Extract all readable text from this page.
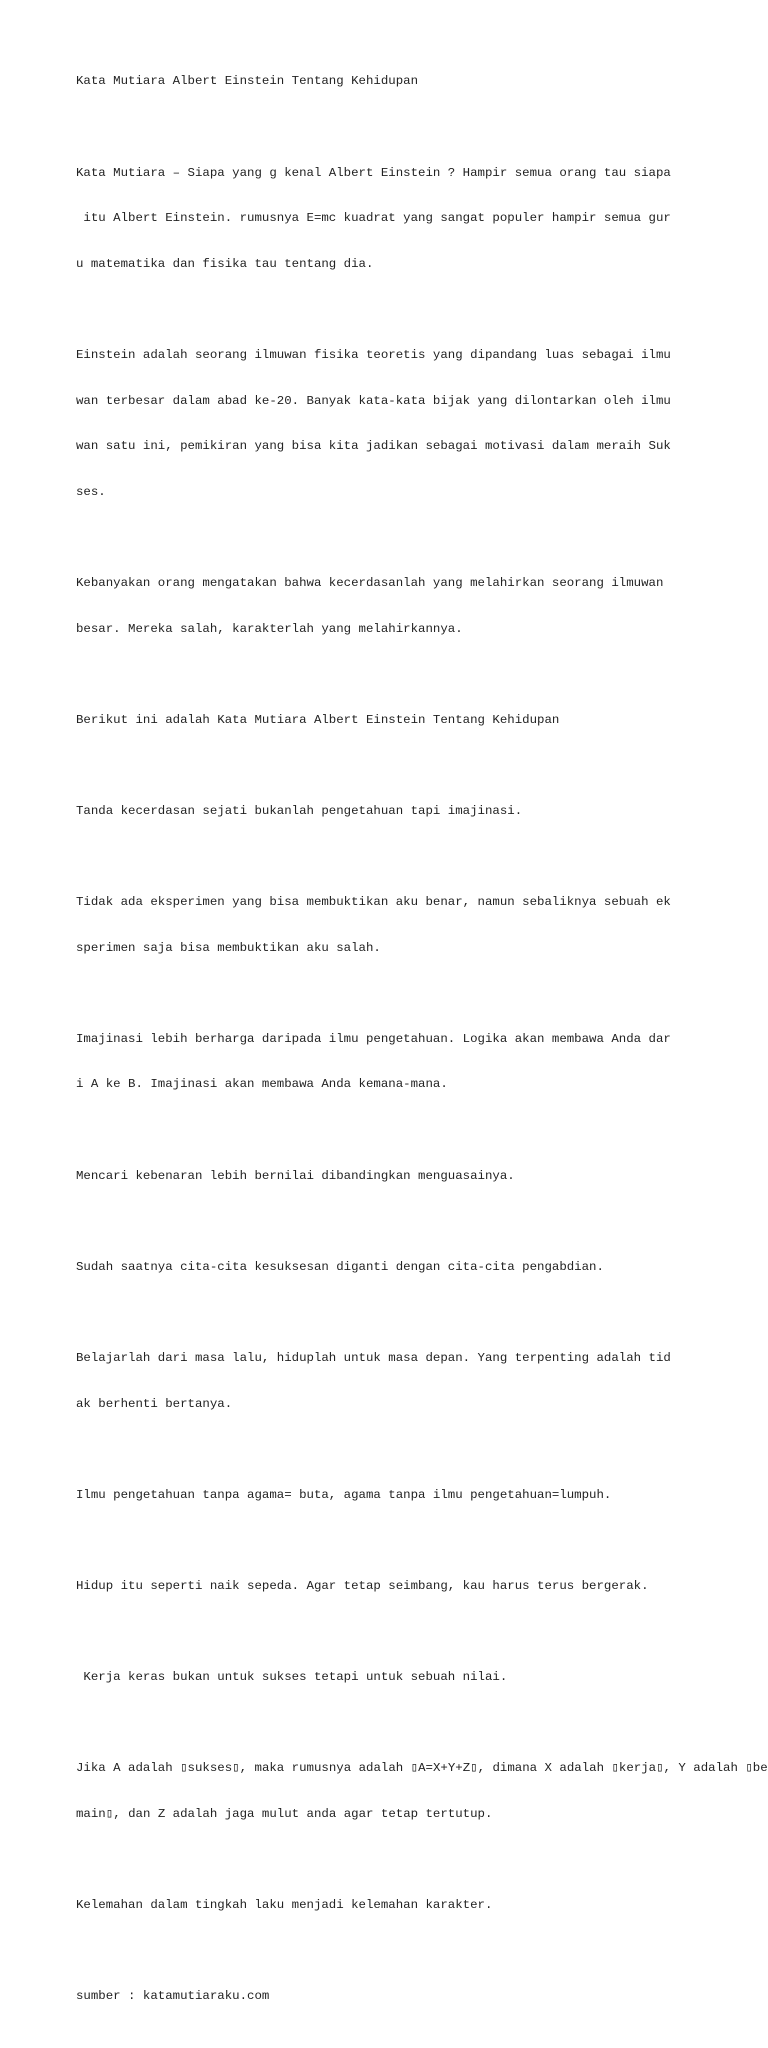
Kata Mutiara Albert Einstein Tentang Kehidupan

Kata Mutiara – Siapa yang g kenal Albert Einstein ? Hampir semua orang tau siapa

itu Albert Einstein. rumusnya E=mc kuadrat yang sangat populer hampir semua gur

u matematika dan fisika tau tentang dia.

Einstein adalah seorang ilmuwan fisika teoretis yang dipandang luas sebagai ilmu

wan terbesar dalam abad ke-20. Banyak kata-kata bijak yang dilontarkan oleh ilmu

wan satu ini, pemikiran yang bisa kita jadikan sebagai motivasi dalam meraih Suk

ses.

Kebanyakan orang mengatakan bahwa kecerdasanlah yang melahirkan seorang ilmuwan

besar. Mereka salah, karakterlah yang melahirkannya.

Berikut ini adalah Kata Mutiara Albert Einstein Tentang Kehidupan

Tanda kecerdasan sejati bukanlah pengetahuan tapi imajinasi.

Tidak ada eksperimen yang bisa membuktikan aku benar, namun sebaliknya sebuah ek

sperimen saja bisa membuktikan aku salah.

Imajinasi lebih berharga daripada ilmu pengetahuan. Logika akan membawa Anda dar

i A ke B. Imajinasi akan membawa Anda kemana-mana.

Mencari kebenaran lebih bernilai dibandingkan menguasainya.

Sudah saatnya cita-cita kesuksesan diganti dengan cita-cita pengabdian.

Belajarlah dari masa lalu, hiduplah untuk masa depan. Yang terpenting adalah tid

ak berhenti bertanya.

Ilmu pengetahuan tanpa agama= buta, agama tanpa ilmu pengetahuan=lumpuh.

Hidup itu seperti naik sepeda. Agar tetap seimbang, kau harus terus bergerak.

Kerja keras bukan untuk sukses tetapi untuk sebuah nilai.

Jika A adalah ▯sukses▯, maka rumusnya adalah ▯A=X+Y+Z▯, dimana X adalah ▯kerja▯, Y adalah ▯be

main▯, dan Z adalah jaga mulut anda agar tetap tertutup.

Kelemahan dalam tingkah laku menjadi kelemahan karakter.

sumber : katamutiaraku.com
